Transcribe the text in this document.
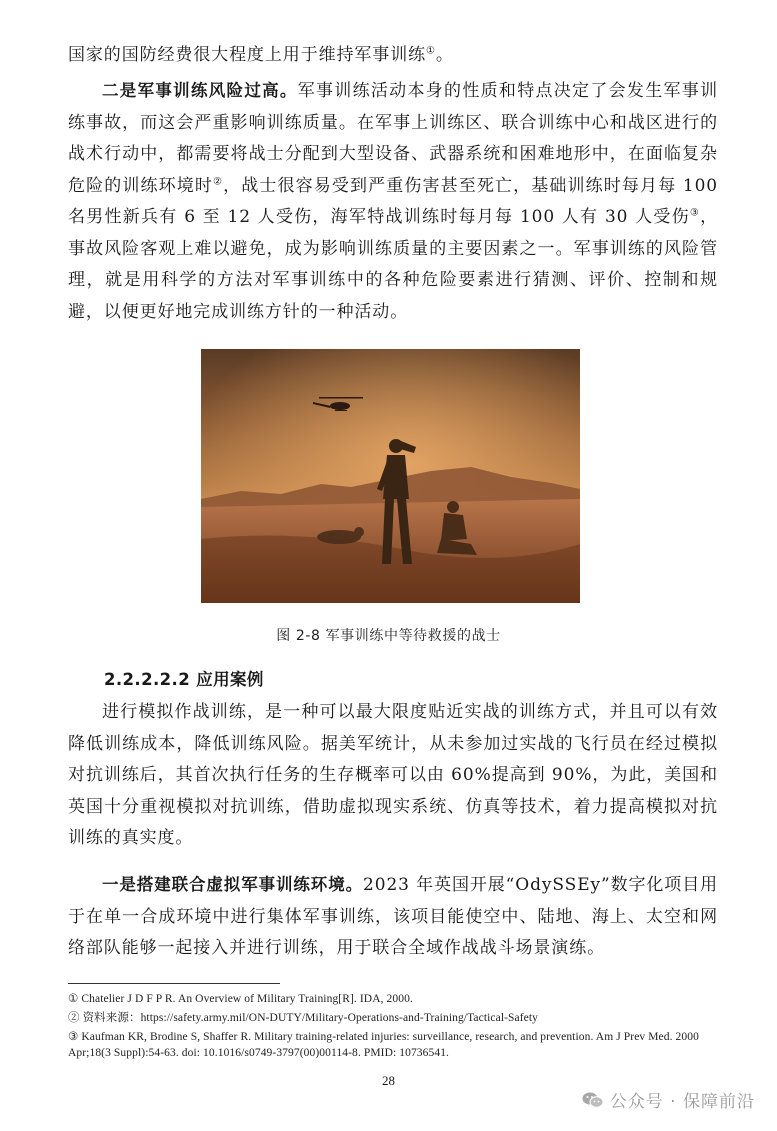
国家的国防经费很大程度上用于维持军事训练①。

二是军事训练风险过高。军事训练活动本身的性质和特点决定了会发生军事训练事故，而这会严重影响训练质量。在军事上训练区、联合训练中心和战区进行的战术行动中，都需要将战士分配到大型设备、武器系统和困难地形中，在面临复杂危险的训练环境时②，战士很容易受到严重伤害甚至死亡，基础训练时每月每 100 名男性新兵有 6 至 12 人受伤，海军特战训练时每月每 100 人有 30 人受伤③，事故风险客观上难以避免，成为影响训练质量的主要因素之一。军事训练的风险管理，就是用科学的方法对军事训练中的各种危险要素进行猜测、评价、控制和规避，以便更好地完成训练方针的一种活动。

图 2-8 军事训练中等待救援的战士
2.2.2.2.2 应用案例

进行模拟作战训练，是一种可以最大限度贴近实战的训练方式，并且可以有效降低训练成本，降低训练风险。据美军统计，从未参加过实战的飞行员在经过模拟对抗训练后，其首次执行任务的生存概率可以由 60%提高到 90%，为此，美国和英国十分重视模拟对抗训练，借助虚拟现实系统、仿真等技术，着力提高模拟对抗训练的真实度。

一是搭建联合虚拟军事训练环境。2023 年英国开展“OdySSEy”数字化项目用于在单一合成环境中进行集体军事训练，该项目能使空中、陆地、海上、太空和网络部队能够一起接入并进行训练，用于联合全域作战战斗场景演练。

① Chatelier J D F P R. An Overview of Military Training[R]. IDA, 2000.
② 资料来源：https://safety.army.mil/ON-DUTY/Military-Operations-and-Training/Tactical-Safety
③ Kaufman KR, Brodine S, Shaffer R. Military training-related injuries: surveillance, research, and prevention. Am J Prev Med. 2000 Apr;18(3 Suppl):54-63. doi: 10.1016/s0749-3797(00)00114-8. PMID: 10736541.
28
公众号 · 保障前沿
